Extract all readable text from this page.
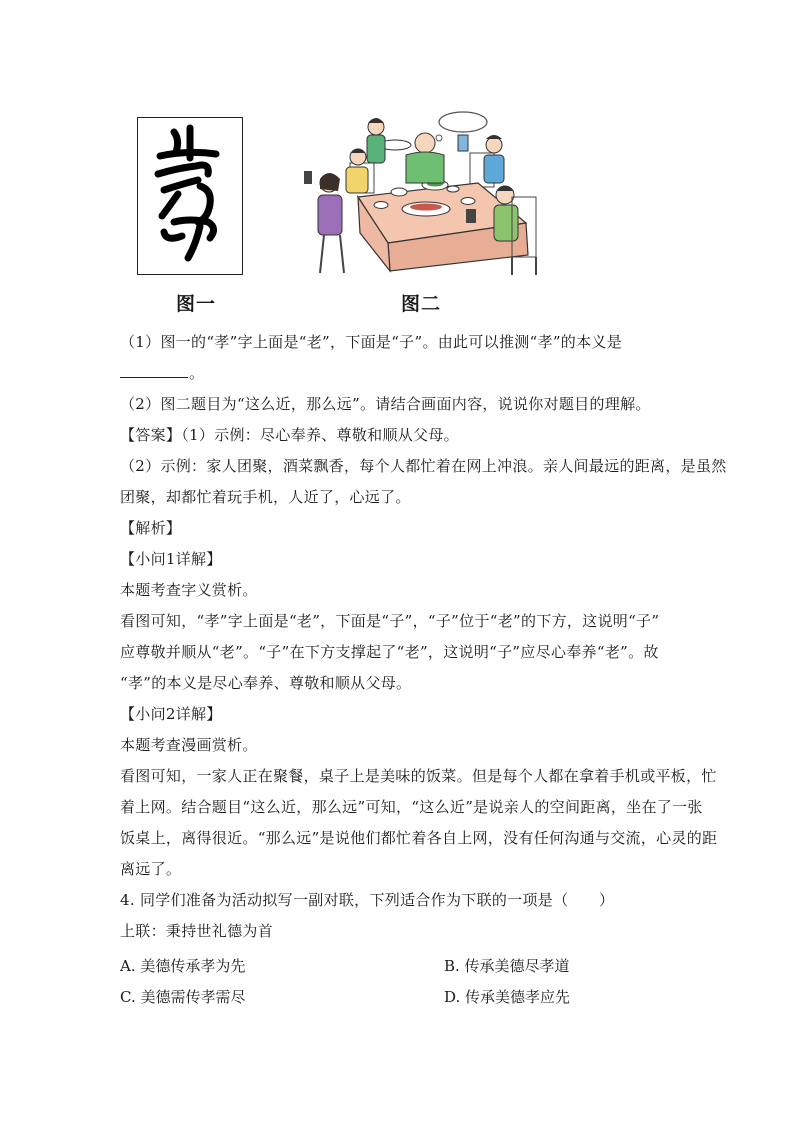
图一	图二
（1）图一的“孝”字上面是“老”，下面是“子”。由此可以推测“孝”的本义是
。
（2）图二题目为“这么近，那么远”。请结合画面内容，说说你对题目的理解。
【答案】（1）示例：尽心奉养、尊敬和顺从父母。
（2）示例：家人团聚，酒菜飘香，每个人都忙着在网上冲浪。亲人间最远的距离，是虽然
团聚，却都忙着玩手机，人近了，心远了。
【解析】
【小问1详解】
本题考查字义赏析。
看图可知，“孝”字上面是“老”，下面是“子”，“子”位于“老”的下方，这说明“子”
应尊敬并顺从“老”。“子”在下方支撑起了“老”，这说明“子”应尽心奉养“老”。故
“孝”的本义是尽心奉养、尊敬和顺从父母。
【小问2详解】
本题考查漫画赏析。
看图可知，一家人正在聚餐，桌子上是美味的饭菜。但是每个人都在拿着手机或平板，忙
着上网。结合题目“这么近，那么远”可知，“这么近”是说亲人的空间距离，坐在了一张
饭桌上，离得很近。“那么远”是说他们都忙着各自上网，没有任何沟通与交流，心灵的距
离远了。
4. 同学们准备为活动拟写一副对联，下列适合作为下联的一项是（　　）
上联：秉持世礼德为首
A. 美德传承孝为先	B. 传承美德尽孝道
C. 美德需传孝需尽	D. 传承美德孝应先
